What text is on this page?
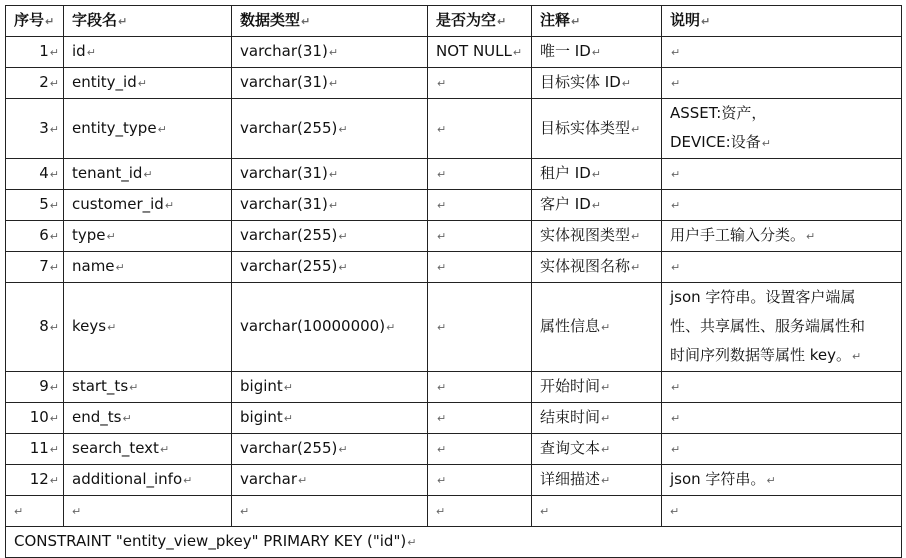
序号↵	字段名↵	数据类型↵	是否为空↵	注释↵	说明↵
1↵	id↵	varchar(31)↵	NOT NULL↵	唯一 ID↵	↵
2↵	entity_id↵	varchar(31)↵	↵	目标实体 ID↵	↵
3↵	entity_type↵	varchar(255)↵	↵	目标实体类型↵	ASSET:资产，
DEVICE:设备↵

4↵	tenant_id↵	varchar(31)↵	↵	租户 ID↵	↵
5↵	customer_id↵	varchar(31)↵	↵	客户 ID↵	↵
6↵	type↵	varchar(255)↵	↵	实体视图类型↵	用户手工输入分类。↵
7↵	name↵	varchar(255)↵	↵	实体视图名称↵	↵
8↵	keys↵	varchar(10000000)↵	↵	属性信息↵	json 字符串。设置客户端属
性、共享属性、服务端属性和
时间序列数据等属性 key。↵

9↵	start_ts↵	bigint↵	↵	开始时间↵	↵
10↵	end_ts↵	bigint↵	↵	结束时间↵	↵
11↵	search_text↵	varchar(255)↵	↵	查询文本↵	↵
12↵	additional_info↵	varchar↵	↵	详细描述↵	json 字符串。↵
↵	↵	↵	↵	↵	↵
CONSTRAINT "entity_view_pkey" PRIMARY KEY ("id")↵					
